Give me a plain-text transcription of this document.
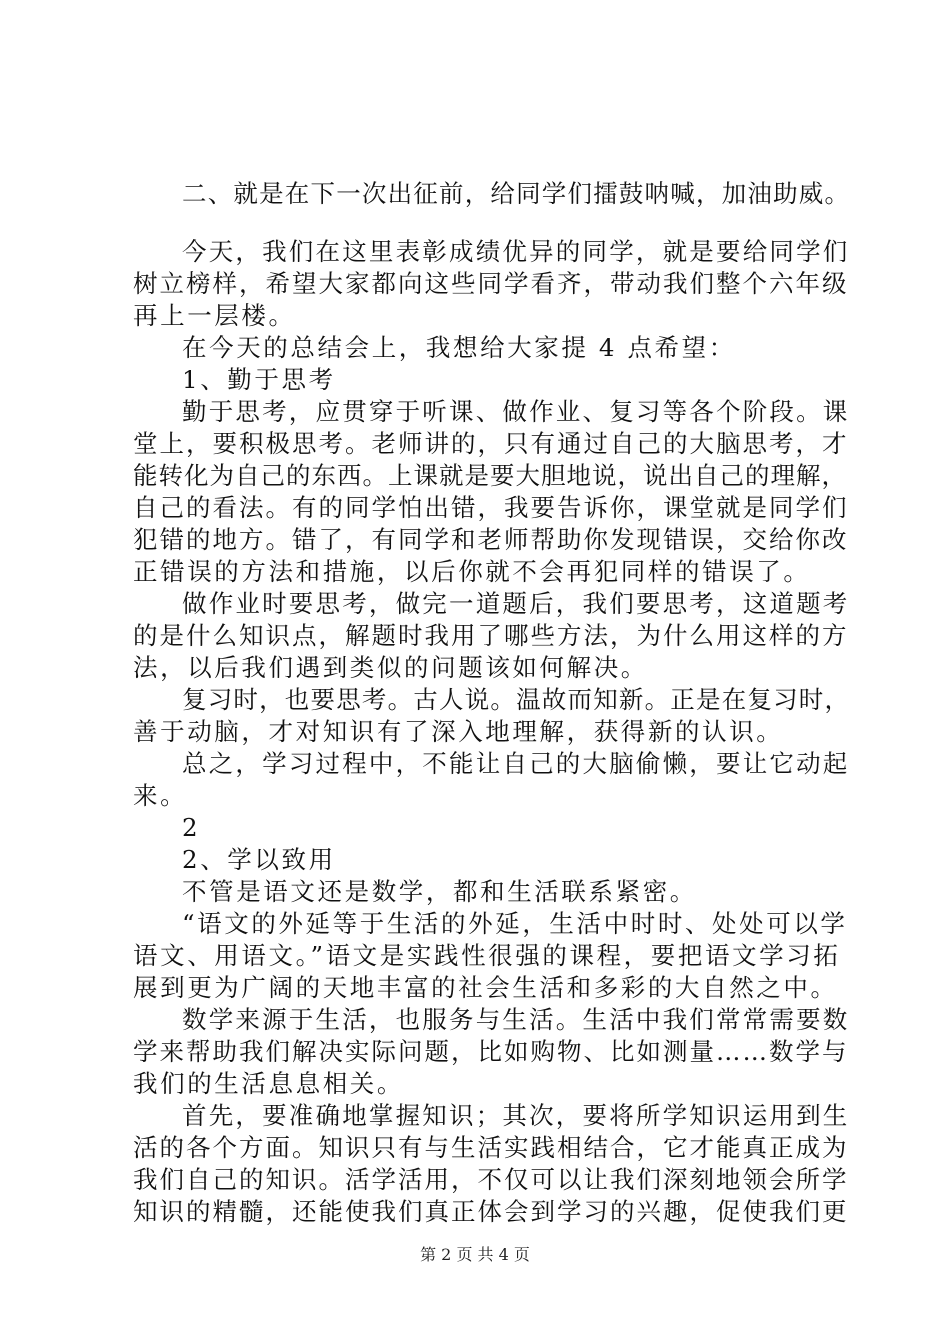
二、就是在下一次出征前，给同学们擂鼓呐喊，加油助威。
今天，我们在这里表彰成绩优异的同学，就是要给同学们
树立榜样，希望大家都向这些同学看齐，带动我们整个六年级
再上一层楼。
在今天的总结会上，我想给大家提 4 点希望：
1、勤于思考
勤于思考，应贯穿于听课、做作业、复习等各个阶段。课
堂上，要积极思考。老师讲的，只有通过自己的大脑思考，才
能转化为自己的东西。上课就是要大胆地说，说出自己的理解，
自己的看法。有的同学怕出错，我要告诉你，课堂就是同学们
犯错的地方。错了，有同学和老师帮助你发现错误，交给你改
正错误的方法和措施，以后你就不会再犯同样的错误了。
做作业时要思考，做完一道题后，我们要思考，这道题考
的是什么知识点，解题时我用了哪些方法，为什么用这样的方
法，以后我们遇到类似的问题该如何解决。
复习时，也要思考。古人说。温故而知新。正是在复习时，
善于动脑，才对知识有了深入地理解，获得新的认识。
总之，学习过程中，不能让自己的大脑偷懒，要让它动起
来。
2
2、学以致用
不管是语文还是数学，都和生活联系紧密。
“语文的外延等于生活的外延，生活中时时、处处可以学
语文、用语文。”语文是实践性很强的课程，要把语文学习拓
展到更为广阔的天地丰富的社会生活和多彩的大自然之中。
数学来源于生活，也服务与生活。生活中我们常常需要数
学来帮助我们解决实际问题，比如购物、比如测量……数学与
我们的生活息息相关。
首先，要准确地掌握知识；其次，要将所学知识运用到生
活的各个方面。知识只有与生活实践相结合，它才能真正成为
我们自己的知识。活学活用，不仅可以让我们深刻地领会所学
知识的精髓，还能使我们真正体会到学习的兴趣，促使我们更
第 2 页 共 4 页
